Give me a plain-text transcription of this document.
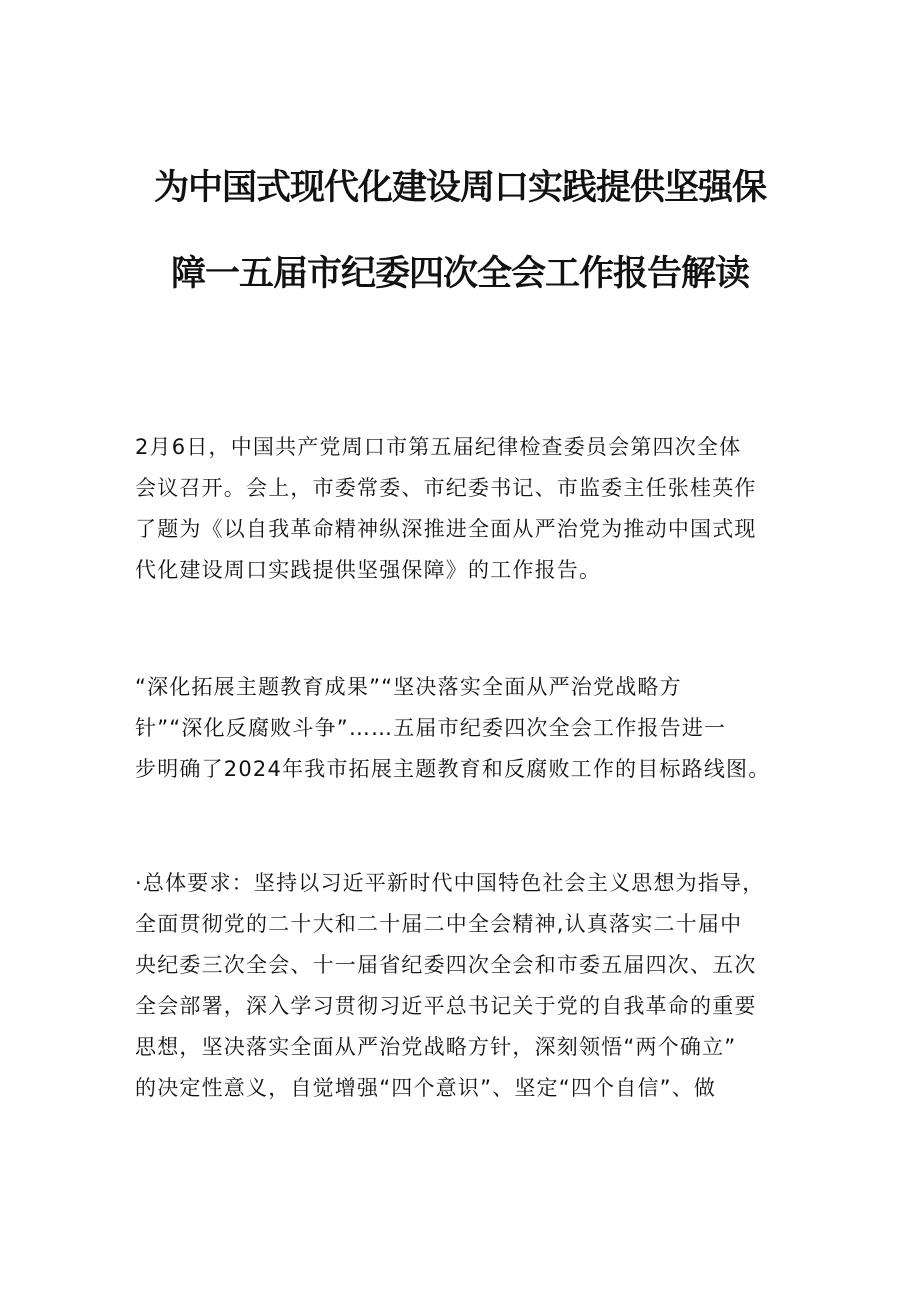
为中国式现代化建设周口实践提供坚强保
障一五届市纪委四次全会工作报告解读
2月6日，中国共产党周口市第五届纪律检查委员会第四次全体
会议召开。会上，市委常委、市纪委书记、市监委主任张桂英作
了题为《以自我革命精神纵深推进全面从严治党为推动中国式现
代化建设周口实践提供坚强保障》的工作报告。
“深化拓展主题教育成果”“坚决落实全面从严治党战略方
针”“深化反腐败斗争”……五届市纪委四次全会工作报告进一
步明确了2024年我市拓展主题教育和反腐败工作的目标路线图。
·总体要求：坚持以习近平新时代中国特色社会主义思想为指导，
全面贯彻党的二十大和二十届二中全会精神,认真落实二十届中
央纪委三次全会、十一届省纪委四次全会和市委五届四次、五次
全会部署，深入学习贯彻习近平总书记关于党的自我革命的重要
思想，坚决落实全面从严治党战略方针，深刻领悟“两个确立”
的决定性意义，自觉增强“四个意识”、坚定“四个自信”、做
